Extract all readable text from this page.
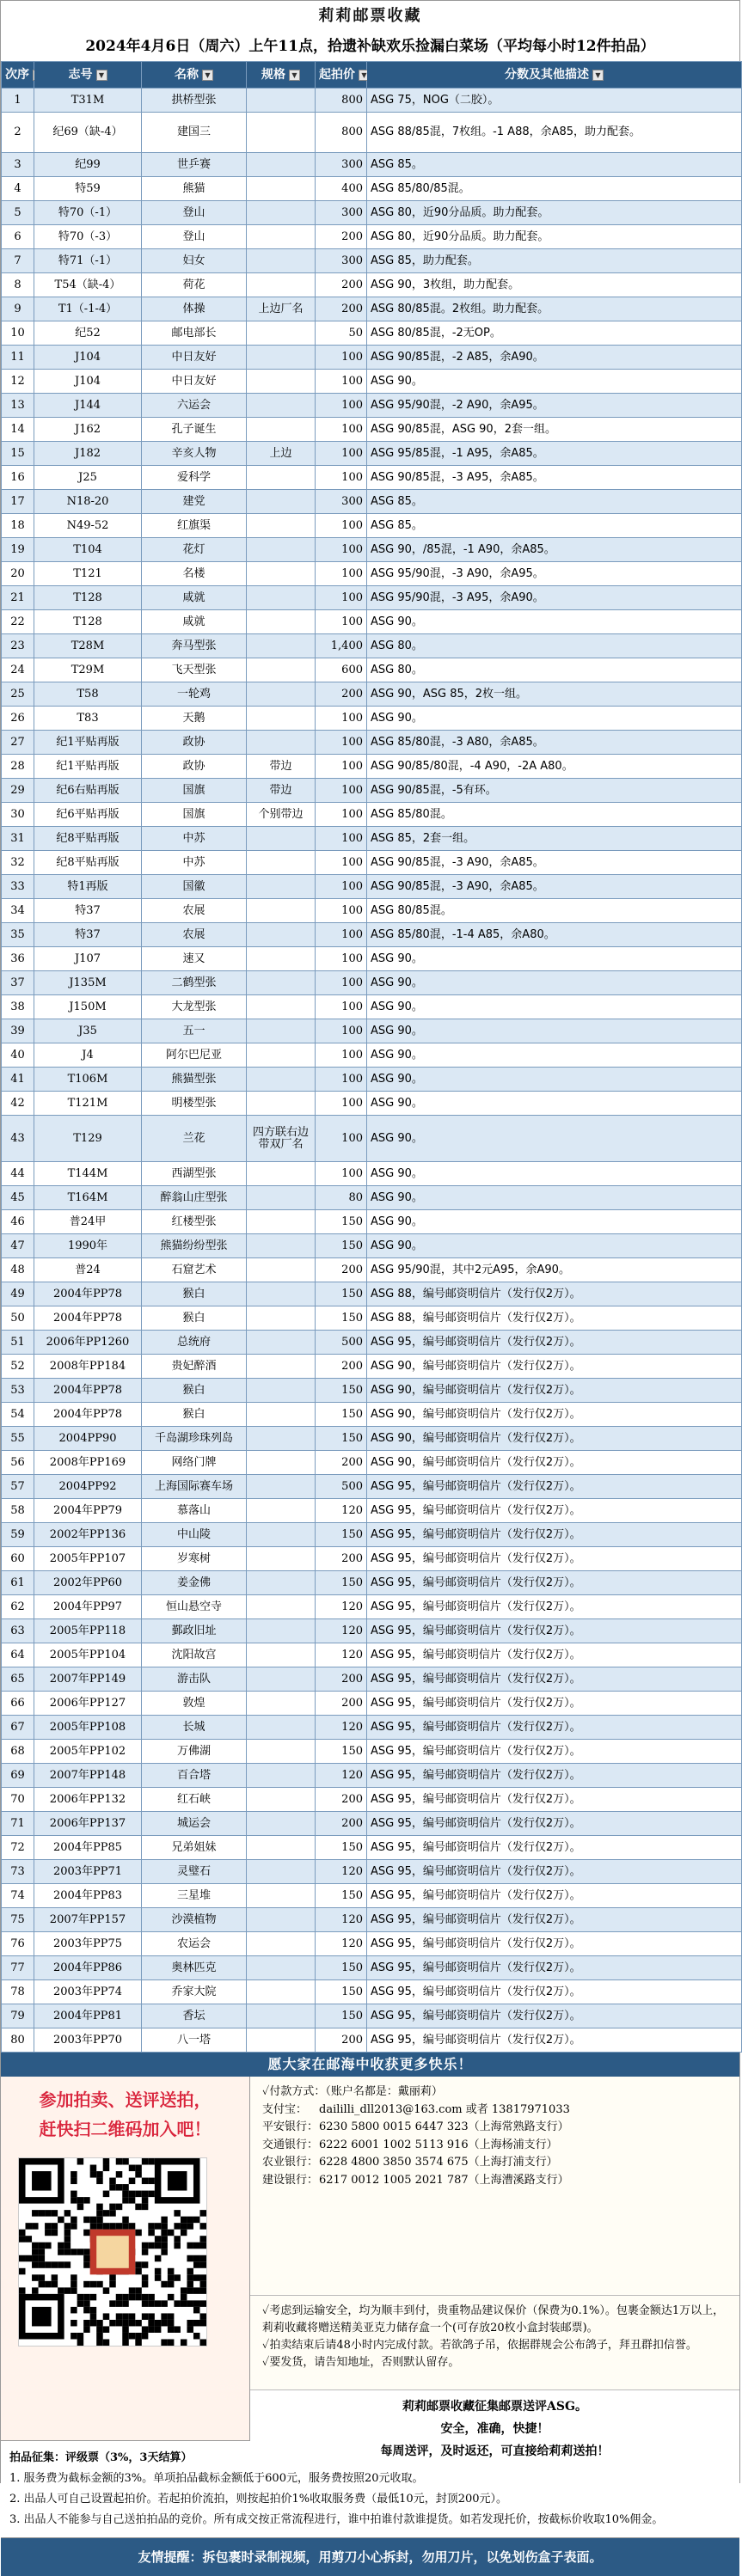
莉莉邮票收藏
2024年4月6日（周六）上午11点，拾遗补缺欢乐捡漏白菜场（平均每小时12件拍品）
次序	志号 ▼	名称 ▼	规格 ▼	起拍价 ▼	分数及其他描述 ▼
1	T31M	拱桥型张		800	ASG 75，NOG（二胶）。
2	纪69（缺-4）	建国三		800	ASG 88/85混，7枚组。-1 A88，余A85，助力配套。
3	纪99	世乒赛		300	ASG 85。
4	特59	熊猫		400	ASG 85/80/85混。
5	特70（-1）	登山		300	ASG 80，近90分品质。助力配套。
6	特70（-3）	登山		200	ASG 80，近90分品质。助力配套。
7	特71（-1）	妇女		300	ASG 85，助力配套。
8	T54（缺-4）	荷花		200	ASG 90，3枚组，助力配套。
9	T1（-1-4）	体操	上边厂名	200	ASG 80/85混。2枚组。助力配套。
10	纪52	邮电部长		50	ASG 80/85混，-2无OP。
11	J104	中日友好		100	ASG 90/85混，-2 A85，余A90。
12	J104	中日友好		100	ASG 90。
13	J144	六运会		100	ASG 95/90混，-2 A90，余A95。
14	J162	孔子诞生		100	ASG 90/85混，ASG 90，2套一组。
15	J182	辛亥人物	上边	100	ASG 95/85混，-1 A95，余A85。
16	J25	爱科学		100	ASG 90/85混，-3 A95，余A85。
17	N18-20	建党		300	ASG 85。
18	N49-52	红旗渠		100	ASG 85。
19	T104	花灯		100	ASG 90，/85混，-1 A90，余A85。
20	T121	名楼		100	ASG 95/90混，-3 A90，余A95。
21	T128	咸就		100	ASG 95/90混，-3 A95，余A90。
22	T128	咸就		100	ASG 90。
23	T28M	奔马型张		1,400	ASG 80。
24	T29M	飞天型张		600	ASG 80。
25	T58	一轮鸡		200	ASG 90，ASG 85，2枚一组。
26	T83	天鹅		100	ASG 90。
27	纪1平贴再版	政协		100	ASG 85/80混，-3 A80，余A85。
28	纪1平贴再版	政协	带边	100	ASG 90/85/80混，-4 A90，-2A A80。
29	纪6右贴再版	国旗	带边	100	ASG 90/85混，-5有环。
30	纪6平贴再版	国旗	个别带边	100	ASG 85/80混。
31	纪8平贴再版	中苏		100	ASG 85，2套一组。
32	纪8平贴再版	中苏		100	ASG 90/85混，-3 A90，余A85。
33	特1再版	国徽		100	ASG 90/85混，-3 A90，余A85。
34	特37	农展		100	ASG 80/85混。
35	特37	农展		100	ASG 85/80混，-1-4 A85，余A80。
36	J107	速又		100	ASG 90。
37	J135M	二鹤型张		100	ASG 90。
38	J150M	大龙型张		100	ASG 90。
39	J35	五一		100	ASG 90。
40	J4	阿尔巴尼亚		100	ASG 90。
41	T106M	熊猫型张		100	ASG 90。
42	T121M	明楼型张		100	ASG 90。
43	T129	兰花	四方联右边带双厂名	100	ASG 90。
44	T144M	西湖型张		100	ASG 90。
45	T164M	醉翁山庄型张		80	ASG 90。
46	普24甲	红楼型张		150	ASG 90。
47	1990年	熊猫纷纷型张		150	ASG 90。
48	普24	石窟艺术		200	ASG 95/90混，其中2元A95，余A90。
49	2004年PP78	猴白		150	ASG 88，编号邮资明信片（发行仅2万）。
50	2004年PP78	猴白		150	ASG 88，编号邮资明信片（发行仅2万）。
51	2006年PP1260	总统府		500	ASG 95，编号邮资明信片（发行仅2万）。
52	2008年PP184	贵妃醉酒		200	ASG 90，编号邮资明信片（发行仅2万）。
53	2004年PP78	猴白		150	ASG 90，编号邮资明信片（发行仅2万）。
54	2004年PP78	猴白		150	ASG 90，编号邮资明信片（发行仅2万）。
55	2004PP90	千岛湖珍珠列岛		150	ASG 90，编号邮资明信片（发行仅2万）。
56	2008年PP169	网络门牌		200	ASG 90，编号邮资明信片（发行仅2万）。
57	2004PP92	上海国际赛车场		500	ASG 95，编号邮资明信片（发行仅2万）。
58	2004年PP79	慕落山		120	ASG 95，编号邮资明信片（发行仅2万）。
59	2002年PP136	中山陵		150	ASG 95，编号邮资明信片（发行仅2万）。
60	2005年PP107	岁寒树		200	ASG 95，编号邮资明信片（发行仅2万）。
61	2002年PP60	姜金佛		150	ASG 95，编号邮资明信片（发行仅2万）。
62	2004年PP97	恒山悬空寺		120	ASG 95，编号邮资明信片（发行仅2万）。
63	2005年PP118	鄞政旧址		120	ASG 95，编号邮资明信片（发行仅2万）。
64	2005年PP104	沈阳故宫		120	ASG 95，编号邮资明信片（发行仅2万）。
65	2007年PP149	游击队		200	ASG 95，编号邮资明信片（发行仅2万）。
66	2006年PP127	敦煌		200	ASG 95，编号邮资明信片（发行仅2万）。
67	2005年PP108	长城		120	ASG 95，编号邮资明信片（发行仅2万）。
68	2005年PP102	万佛湖		150	ASG 95，编号邮资明信片（发行仅2万）。
69	2007年PP148	百合塔		120	ASG 95，编号邮资明信片（发行仅2万）。
70	2006年PP132	红石峡		200	ASG 95，编号邮资明信片（发行仅2万）。
71	2006年PP137	城运会		200	ASG 95，编号邮资明信片（发行仅2万）。
72	2004年PP85	兄弟姐妹		150	ASG 95，编号邮资明信片（发行仅2万）。
73	2003年PP71	灵璧石		120	ASG 95，编号邮资明信片（发行仅2万）。
74	2004年PP83	三星堆		150	ASG 95，编号邮资明信片（发行仅2万）。
75	2007年PP157	沙漠植物		120	ASG 95，编号邮资明信片（发行仅2万）。
76	2003年PP75	农运会		120	ASG 95，编号邮资明信片（发行仅2万）。
77	2004年PP86	奥林匹克		150	ASG 95，编号邮资明信片（发行仅2万）。
78	2003年PP74	乔家大院		150	ASG 95，编号邮资明信片（发行仅2万）。
79	2004年PP81	香坛		150	ASG 95，编号邮资明信片（发行仅2万）。
80	2003年PP70	八一塔		200	ASG 95，编号邮资明信片（发行仅2万）。
愿大家在邮海中收获更多快乐！
参加拍卖、送评送拍，
赶快扫二维码加入吧！
✓付款方式：（账户名都是：戴丽莉）
支付宝： daililli_dll2013@163.com 或者 13817971033
平安银行：6230 5800 0015 6447 323（上海常熟路支行）
交通银行：6222 6001 1002 5113 916（上海杨浦支行）
农业银行：6228 4800 3850 3574 675（上海打浦支行）
建设银行：6217 0012 1005 2021 787（上海漕溪路支行）
✓考虑到运输安全，均为顺丰到付，贵重物品建议保价（保费为0.1%）。包裹金额达1万以上，莉莉收藏将赠送精美亚克力储存盒一个(可存放20枚小盒封装邮票)。
✓拍卖结束后请48小时内完成付款。若欲鸽子吊，依据群规会公布鸽子，拜丑群扣信誉。
✓要发货，请告知地址，否则默认留存。
莉莉邮票收藏征集邮票送评ASG。
安全，准确，快捷！
每周送评，及时返还，可直接给莉莉送拍！
拍品征集：评级票（3%，3天结算）
1. 服务费为截标金额的3%。单项拍品截标金额低于600元，服务费按照20元收取。
2. 出品人可自己设置起拍价。若起拍价流拍，则按起拍价1%收取服务费（最低10元，封顶200元）。
3. 出品人不能参与自己送拍拍品的竞价。所有成交按正常流程进行，谁中拍谁付款谁提货。如若发现托价，按截标价收取10%佣金。
友情提醒：拆包裹时录制视频，用剪刀小心拆封，勿用刀片，以免划伤盒子表面。
